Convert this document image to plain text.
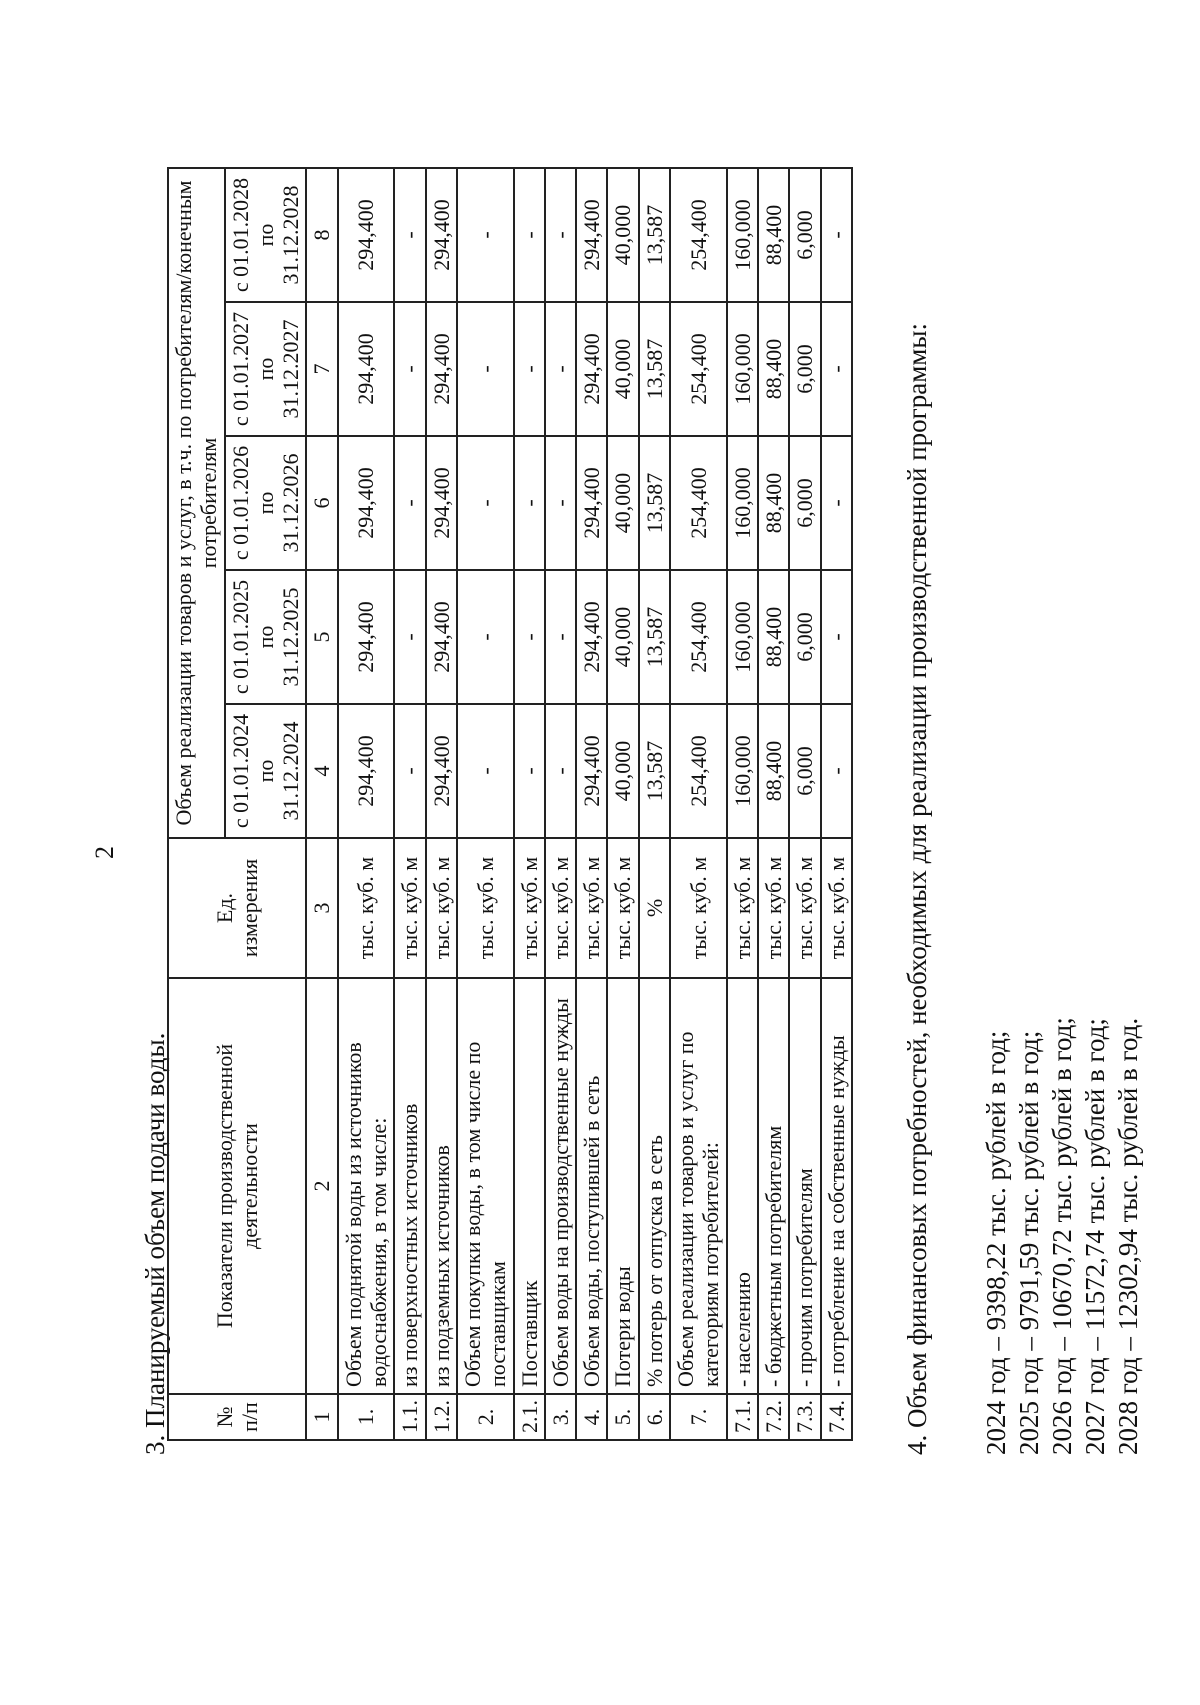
2
3. Планируемый объем подачи воды. № п/п	Показатели производственной деятельности	Ед. измерения	Объем реализации товаров и услуг, в т.ч. по потребителям/конечным потребителям				

			с 01.01.2024 по 31.12.2024	с 01.01.2025 по 31.12.2025	с 01.01.2026 по 31.12.2026	с 01.01.2027 по 31.12.2027	с 01.01.2028 по 31.12.2028

1	2	3	4	5	6	7	8
1.	Объем поднятой воды из источников водоснабжения, в том числе:	тыс. куб. м	294,400	294,400	294,400	294,400	294,400
1.1.	из поверхностных источников	тыс. куб. м	-	-	-	-	-
1.2.	из подземных источников	тыс. куб. м	294,400	294,400	294,400	294,400	294,400
2.	Объем покупки воды, в том числе по поставщикам	тыс. куб. м	-	-	-	-	-
2.1.	Поставщик	тыс. куб. м	-	-	-	-	-
3.	Объем воды на производственные нужды	тыс. куб. м	-	-	-	-	-
4.	Объем воды, поступившей в сеть	тыс. куб. м	294,400	294,400	294,400	294,400	294,400
5.	Потери воды	тыс. куб. м	40,000	40,000	40,000	40,000	40,000
6.	% потерь от отпуска в сеть	%	13,587	13,587	13,587	13,587	13,587
7.	Объем реализации товаров и услуг по категориям потребителей:	тыс. куб. м	254,400	254,400	254,400	254,400	254,400
7.1.	- населению	тыс. куб. м	160,000	160,000	160,000	160,000	160,000
7.2.	- бюджетным потребителям	тыс. куб. м	88,400	88,400	88,400	88,400	88,400
7.3.	- прочим потребителям	тыс. куб. м	6,000	6,000	6,000	6,000	6,000
7.4.	- потребление на собственные нужды	тыс. куб. м	-	-	-	-	-
4. Объем финансовых потребностей, необходимых для реализации производственной программы: 2024 год – 9398,22 тыс. рублей в год; 2025 год – 9791,59 тыс. рублей в год; 2026 год – 10670,72 тыс. рублей в год; 2027 год – 11572,74 тыс. рублей в год; 2028 год – 12302,94 тыс. рублей в год.
